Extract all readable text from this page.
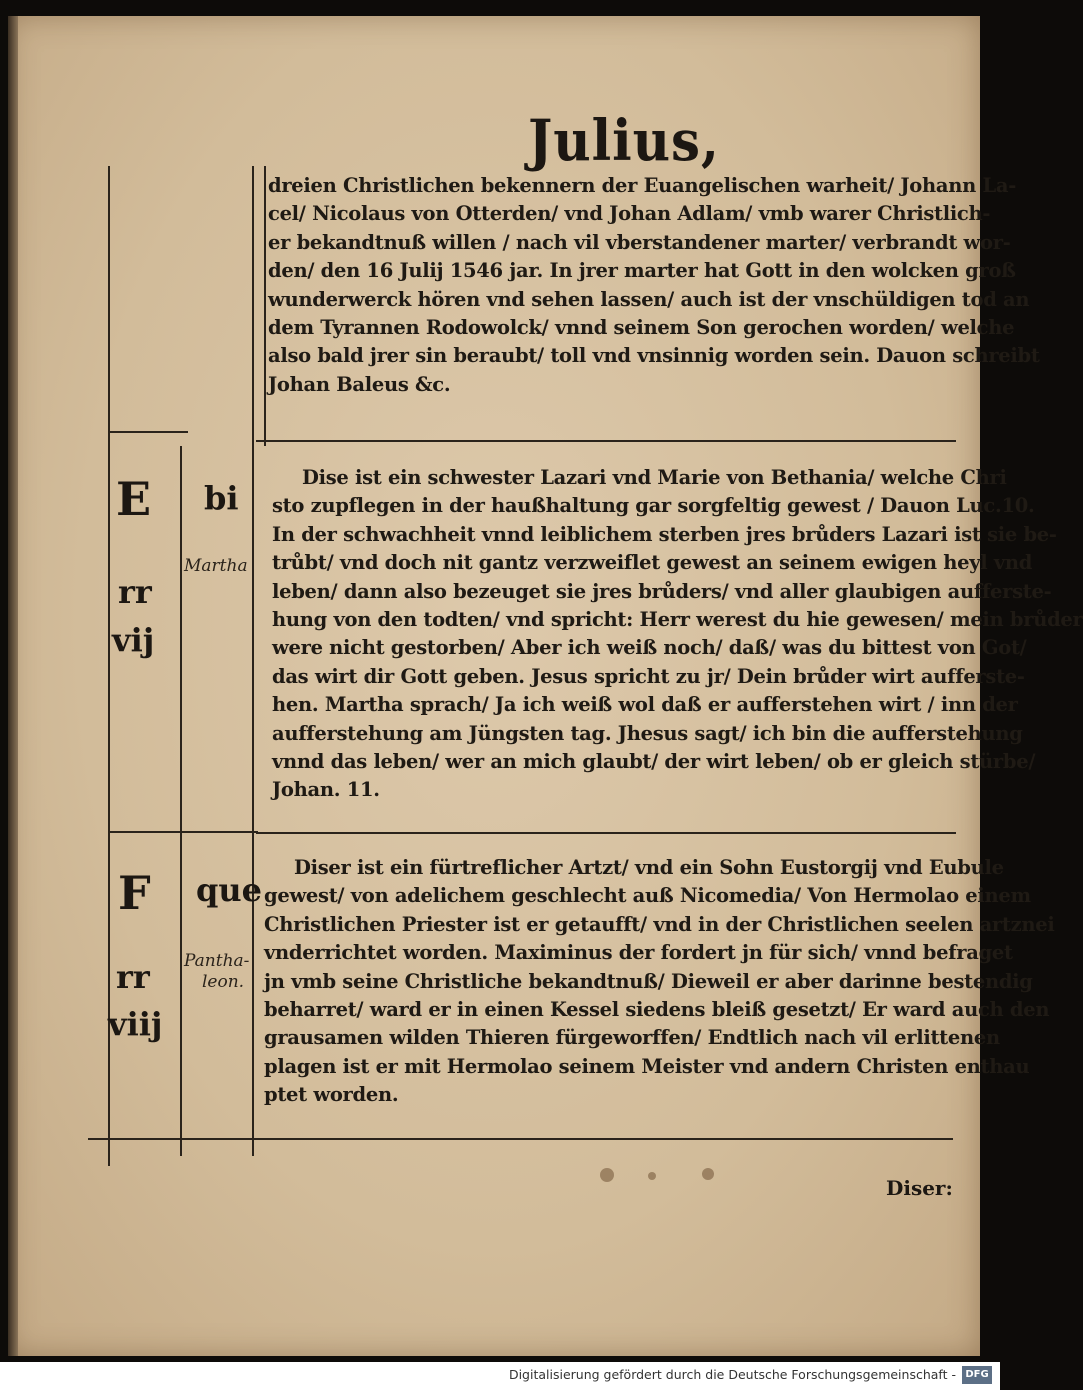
Julius,
dreien Christlichen bekennern der Euangelischen warheit/ Johann La-
cel/ Nicolaus von Otterden/ vnd Johan Adlam/ vmb warer Christlich-
er bekandtnuß willen / nach vil vberstandener marter/ verbrandt wor-
den/ den 16 Julij 1546 jar. In jrer marter hat Gott in den wolcken groß
wunderwerck hören vnd sehen lassen/ auch ist der vnschüldigen tod an
dem Tyrannen Rodowolck/ vnnd seinem Son gerochen worden/ welche
also bald jrer sin beraubt/ toll vnd vnsinnig worden sein. Dauon schreibt
Johan Baleus &c.
E
rr
vij
bi
Martha
Dise ist ein schwester Lazari vnd Marie von Bethania/ welche Chri
sto zupflegen in der haußhaltung gar sorgfeltig gewest / Dauon Luc.10.
In der schwachheit vnnd leiblichem sterben jres brůders Lazari ist sie be-
trůbt/ vnd doch nit gantz verzweiflet gewest an seinem ewigen heyl vnd
leben/ dann also bezeuget sie jres brůders/ vnd aller glaubigen aufferste-
hung von den todten/ vnd spricht: Herr werest du hie gewesen/ mein brůder
were nicht gestorben/ Aber ich weiß noch/ daß/ was du bittest von Got/
das wirt dir Gott geben. Jesus spricht zu jr/ Dein brůder wirt aufferste-
hen. Martha sprach/ Ja ich weiß wol daß er aufferstehen wirt / inn der
aufferstehung am Jüngsten tag. Jhesus sagt/ ich bin die aufferstehung
vnnd das leben/ wer an mich glaubt/ der wirt leben/ ob er gleich stürbe/
Johan. 11.
F
rr
viij
que
Pantha-
leon.
Diser ist ein fürtreflicher Artzt/ vnd ein Sohn Eustorgij vnd Eubule
gewest/ von adelichem geschlecht auß Nicomedia/ Von Hermolao einem
Christlichen Priester ist er getaufft/ vnd in der Christlichen seelen artznei
vnderrichtet worden. Maximinus der fordert jn für sich/ vnnd befraget
jn vmb seine Christliche bekandtnuß/ Dieweil er aber darinne bestendig
beharret/ ward er in einen Kessel siedens bleiß gesetzt/ Er ward auch den
grausamen wilden Thieren fürgeworffen/ Endtlich nach vil erlittenen
plagen ist er mit Hermolao seinem Meister vnd andern Christen enthau
ptet worden.
Diser:
Digitalisierung gefördert durch die Deutsche Forschungsgemeinschaft - DFG
